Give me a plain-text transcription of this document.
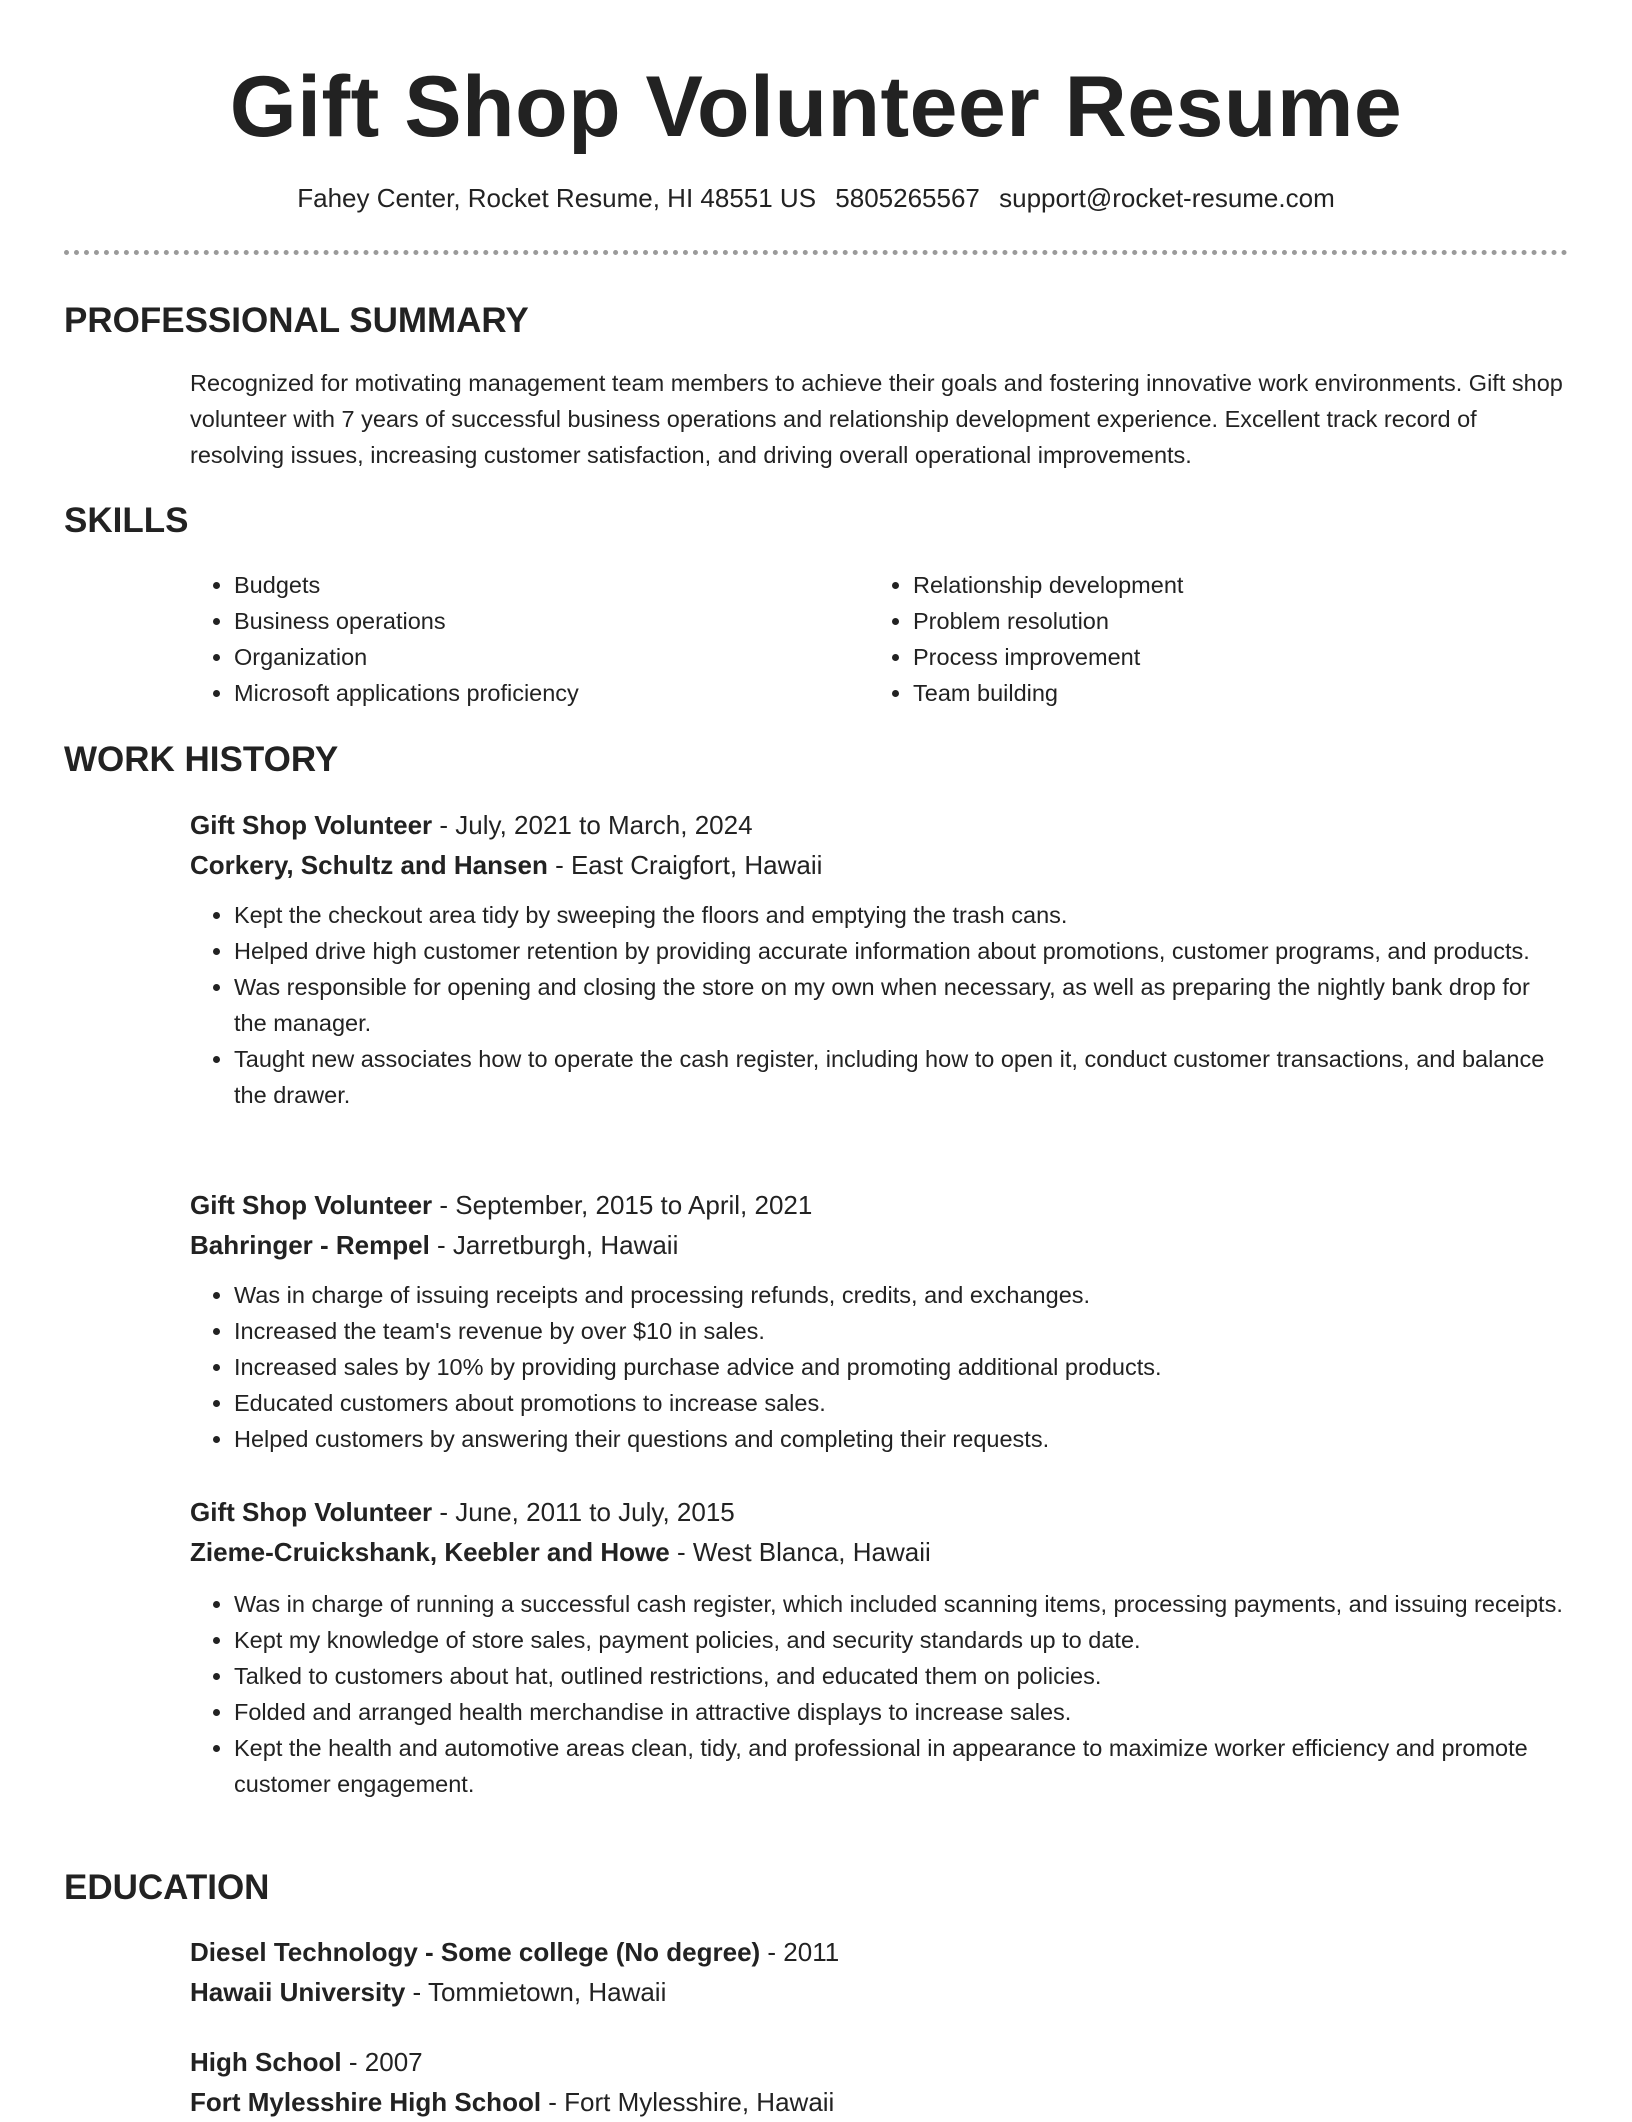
Gift Shop Volunteer Resume
Fahey Center, Rocket Resume, HI 48551 US 5805265567 support@rocket-resume.com
PROFESSIONAL SUMMARY
Recognized for motivating management team members to achieve their goals and fostering innovative work environments. Gift shop volunteer with 7 years of successful business operations and relationship development experience. Excellent track record of resolving issues, increasing customer satisfaction, and driving overall operational improvements.
SKILLS
• Budgets
• Business operations
• Organization
• Microsoft applications proficiency
• Relationship development
• Problem resolution
• Process improvement
• Team building
WORK HISTORY
Gift Shop Volunteer - July, 2021 to March, 2024
Corkery, Schultz and Hansen - East Craigfort, Hawaii
• Kept the checkout area tidy by sweeping the floors and emptying the trash cans.
• Helped drive high customer retention by providing accurate information about promotions, customer programs, and products.
• Was responsible for opening and closing the store on my own when necessary, as well as preparing the nightly bank drop for the manager.
• Taught new associates how to operate the cash register, including how to open it, conduct customer transactions, and balance the drawer.
Gift Shop Volunteer - September, 2015 to April, 2021
Bahringer - Rempel - Jarretburgh, Hawaii
• Was in charge of issuing receipts and processing refunds, credits, and exchanges.
• Increased the team's revenue by over $10 in sales.
• Increased sales by 10% by providing purchase advice and promoting additional products.
• Educated customers about promotions to increase sales.
• Helped customers by answering their questions and completing their requests.
Gift Shop Volunteer - June, 2011 to July, 2015
Zieme-Cruickshank, Keebler and Howe - West Blanca, Hawaii
• Was in charge of running a successful cash register, which included scanning items, processing payments, and issuing receipts.
• Kept my knowledge of store sales, payment policies, and security standards up to date.
• Talked to customers about hat, outlined restrictions, and educated them on policies.
• Folded and arranged health merchandise in attractive displays to increase sales.
• Kept the health and automotive areas clean, tidy, and professional in appearance to maximize worker efficiency and promote customer engagement.
EDUCATION
Diesel Technology - Some college (No degree) - 2011
Hawaii University - Tommietown, Hawaii
High School - 2007
Fort Mylesshire High School - Fort Mylesshire, Hawaii
